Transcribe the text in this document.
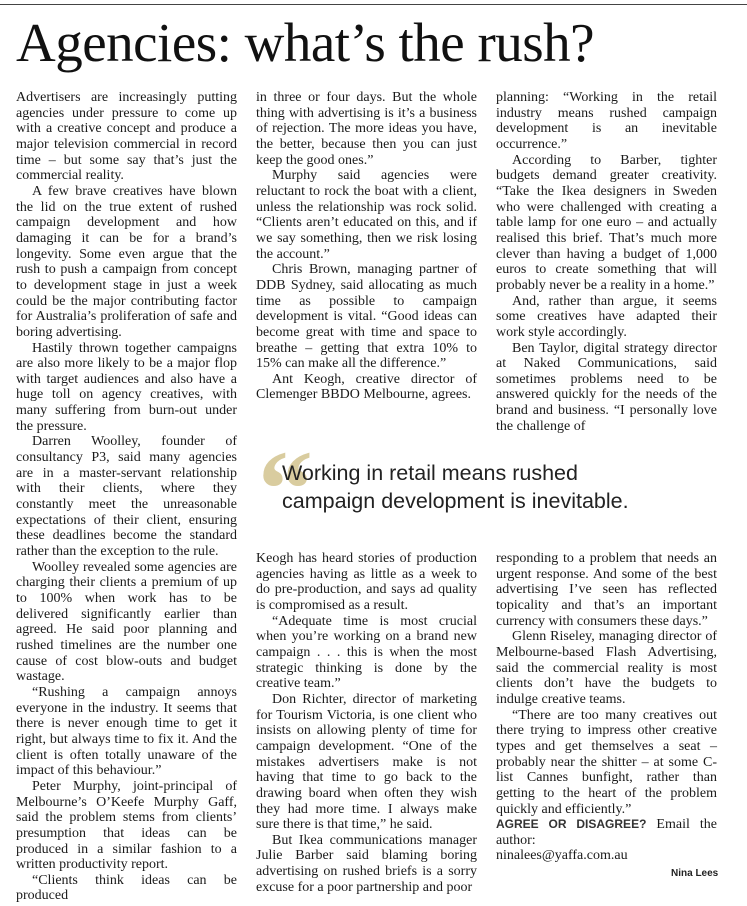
Agencies: what’s the rush?

Advertisers are increasingly putting agencies under pressure to come up with a creative concept and produce a major television commercial in record time – but some say that’s just the commercial reality.

A few brave creatives have blown the lid on the true extent of rushed campaign development and how damaging it can be for a brand’s longevity. Some even argue that the rush to push a campaign from concept to development stage in just a week could be the major contributing factor for Australia’s proliferation of safe and boring advertising.

Hastily thrown together campaigns are also more likely to be a major flop with target audiences and also have a huge toll on agency creatives, with many suffering from burn-out under the pressure.

Darren Woolley, founder of consultancy P3, said many agencies are in a master-servant relationship with their clients, where they constantly meet the unreasonable expectations of their client, ensuring these deadlines become the standard rather than the exception to the rule.

Woolley revealed some agencies are charging their clients a premium of up to 100% when work has to be delivered significantly earlier than agreed. He said poor planning and rushed timelines are the number one cause of cost blow-outs and budget wastage.

“Rushing a campaign annoys everyone in the industry. It seems that there is never enough time to get it right, but always time to fix it. And the client is often totally unaware of the impact of this behaviour.”

Peter Murphy, joint-principal of Melbourne’s O’Keefe Murphy Gaff, said the problem stems from clients’ presumption that ideas can be produced in a similar fashion to a written productivity report.

“Clients think ideas can be produced

in three or four days. But the whole thing with advertising is it’s a business of rejection. The more ideas you have, the better, because then you can just keep the good ones.”

Murphy said agencies were reluctant to rock the boat with a client, unless the relationship was rock solid. “Clients aren’t educated on this, and if we say something, then we risk losing the account.”

Chris Brown, managing partner of DDB Sydney, said allocating as much time as possible to campaign development is vital. “Good ideas can become great with time and space to breathe – getting that extra 10% to 15% can make all the difference.”

Ant Keogh, creative director of Clemenger BBDO Melbourne, agrees.

planning: “Working in the retail industry means rushed campaign development is an inevitable occurrence.”

According to Barber, tighter budgets demand greater creativity. “Take the Ikea designers in Sweden who were challenged with creating a table lamp for one euro – and actually realised this brief. That’s much more clever than having a budget of 1,000 euros to create something that will probably never be a reality in a home.”

And, rather than argue, it seems some creatives have adapted their work style accordingly.

Ben Taylor, digital strategy director at Naked Communications, said sometimes problems need to be answered quickly for the needs of the brand and business. “I personally love the challenge of

“
Working in retail means rushed
campaign development is inevitable.

Keogh has heard stories of production agencies having as little as a week to do pre-production, and says ad quality is compromised as a result.

“Adequate time is most crucial when you’re working on a brand new campaign . . . this is when the most strategic thinking is done by the creative team.”

Don Richter, director of marketing for Tourism Victoria, is one client who insists on allowing plenty of time for campaign development. “One of the mistakes advertisers make is not having that time to go back to the drawing board when often they wish they had more time. I always make sure there is that time,” he said.

But Ikea communications manager Julie Barber said blaming boring advertising on rushed briefs is a sorry excuse for a poor partnership and poor

responding to a problem that needs an urgent response. And some of the best advertising I’ve seen has reflected topicality and that’s an important currency with consumers these days.”

Glenn Riseley, managing director of Melbourne-based Flash Advertising, said the commercial reality is most clients don’t have the budgets to indulge creative teams.

“There are too many creatives out there trying to impress other creative types and get themselves a seat – probably near the shitter – at some C-list Cannes bunfight, rather than getting to the heart of the problem quickly and efficiently.”

AGREE OR DISAGREE? Email the author:
ninalees@yaffa.com.au

Nina Lees
